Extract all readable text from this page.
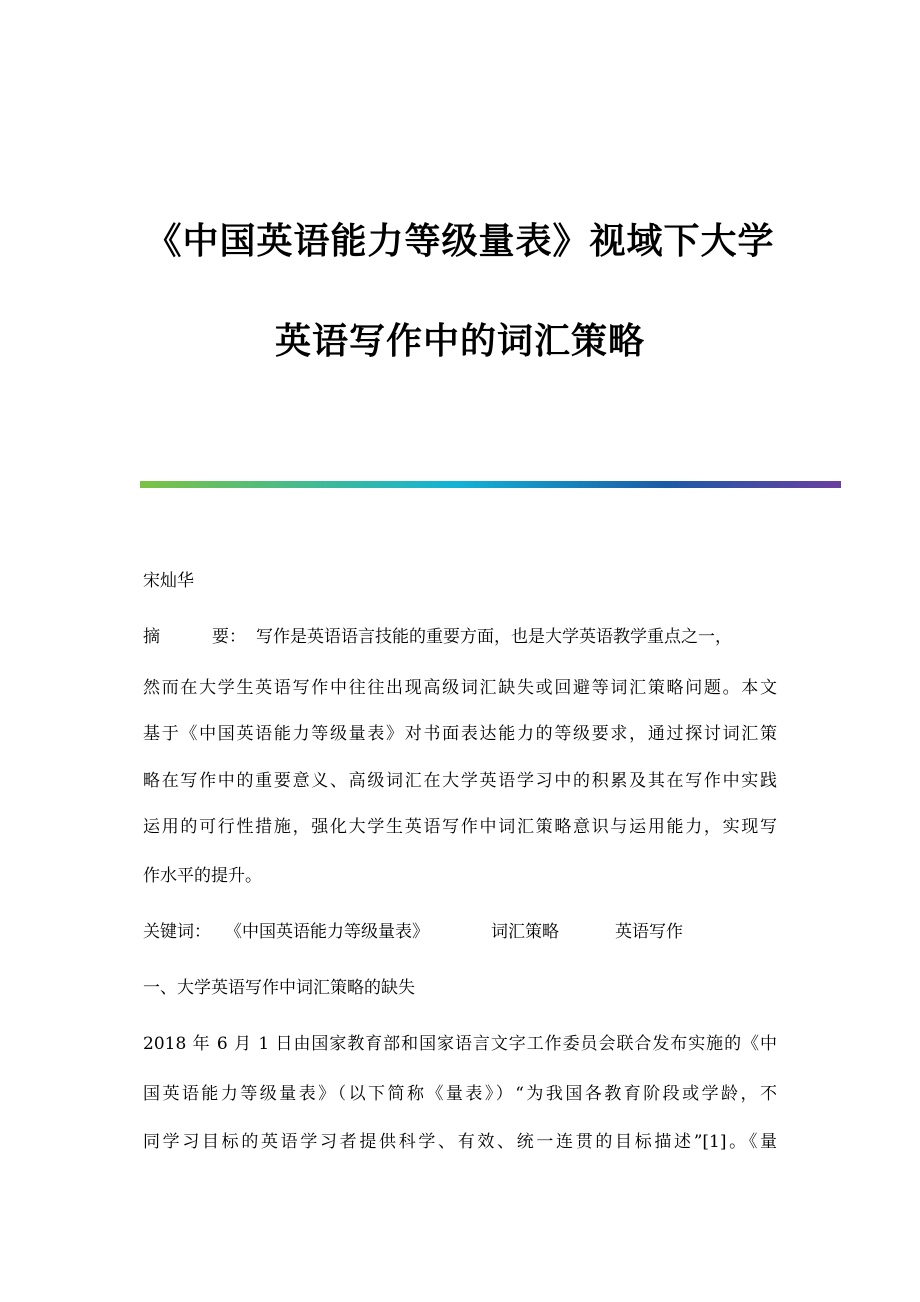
《中国英语能力等级量表》视域下大学
英语写作中的词汇策略
宋灿华
摘	要： 写作是英语语言技能的重要方面，也是大学英语教学重点之一，
然而在大学生英语写作中往往出现高级词汇缺失或回避等词汇策略问题。本文
基于《中国英语能力等级量表》对书面表达能力的等级要求，通过探讨词汇策
略在写作中的重要意义、高级词汇在大学英语学习中的积累及其在写作中实践
运用的可行性措施，强化大学生英语写作中词汇策略意识与运用能力，实现写
作水平的提升。
关键词： 《中国英语能力等级量表》	词汇策略	英语写作
一、大学英语写作中词汇策略的缺失
2018 年 6 月 1 日由国家教育部和国家语言文字工作委员会联合发布实施的《中
国英语能力等级量表》（以下简称《量表》）“为我国各教育阶段或学龄，不
同学习目标的英语学习者提供科学、有效、统一连贯的目标描述”[1]。《量
